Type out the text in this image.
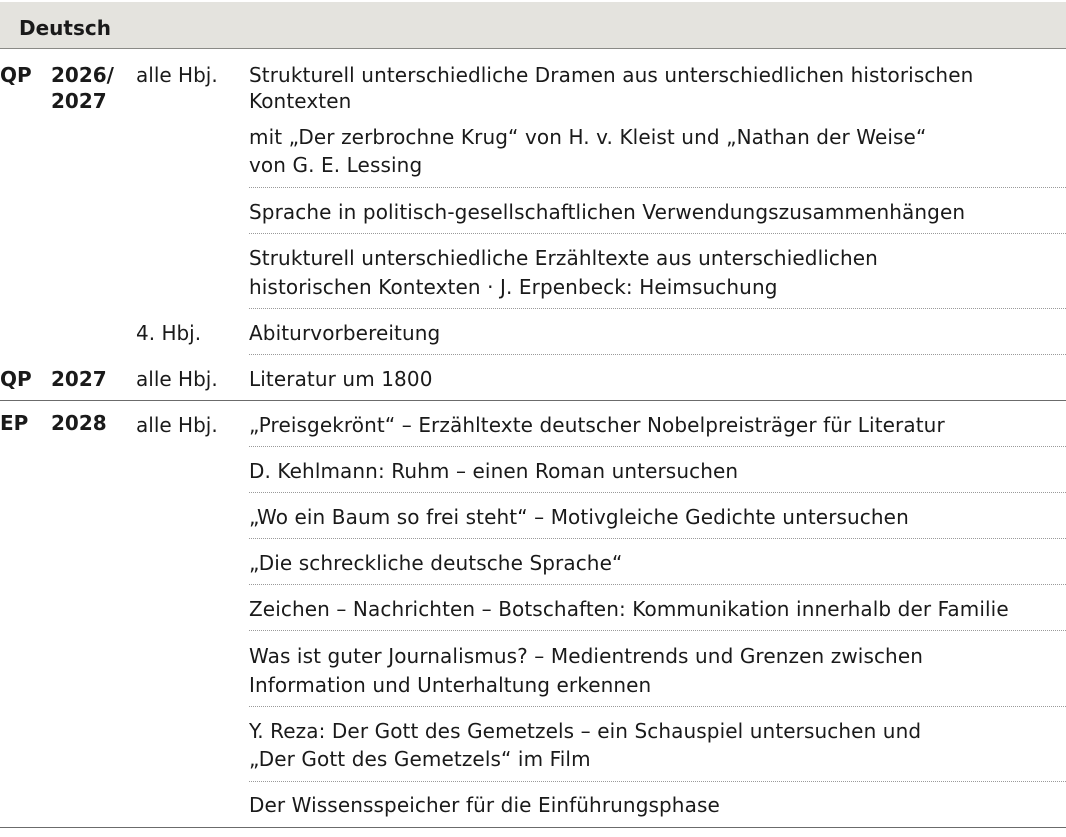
Deutsch
QP 2026/
2027
alle Hbj. Strukturell unterschiedliche Dramen aus unterschiedlichen historischen
Kontexten
mit „Der zerbrochne Krug“ von H. v. Kleist und „Nathan der Weise“
von G. E. Lessing
Sprache in politisch-gesellschaftlichen Verwendungszusammenhängen
Strukturell unterschiedliche Erzähltexte aus unterschiedlichen
historischen Kontexten · J. Erpenbeck: Heimsuchung
4. Hbj. Abiturvorbereitung
QP 2027 alle Hbj. Literatur um 1800
EP 2028 alle Hbj. „Preisgekrönt“ – Erzähltexte deutscher Nobelpreisträger für Literatur
D. Kehlmann: Ruhm – einen Roman untersuchen
„Wo ein Baum so frei steht“ – Motivgleiche Gedichte untersuchen
„Die schreckliche deutsche Sprache“
Zeichen – Nachrichten – Botschaften: Kommunikation innerhalb der Familie
Was ist guter Journalismus? – Medientrends und Grenzen zwischen
Information und Unterhaltung erkennen
Y. Reza: Der Gott des Gemetzels – ein Schauspiel untersuchen und
„Der Gott des Gemetzels“ im Film
Der Wissensspeicher für die Einführungsphase
